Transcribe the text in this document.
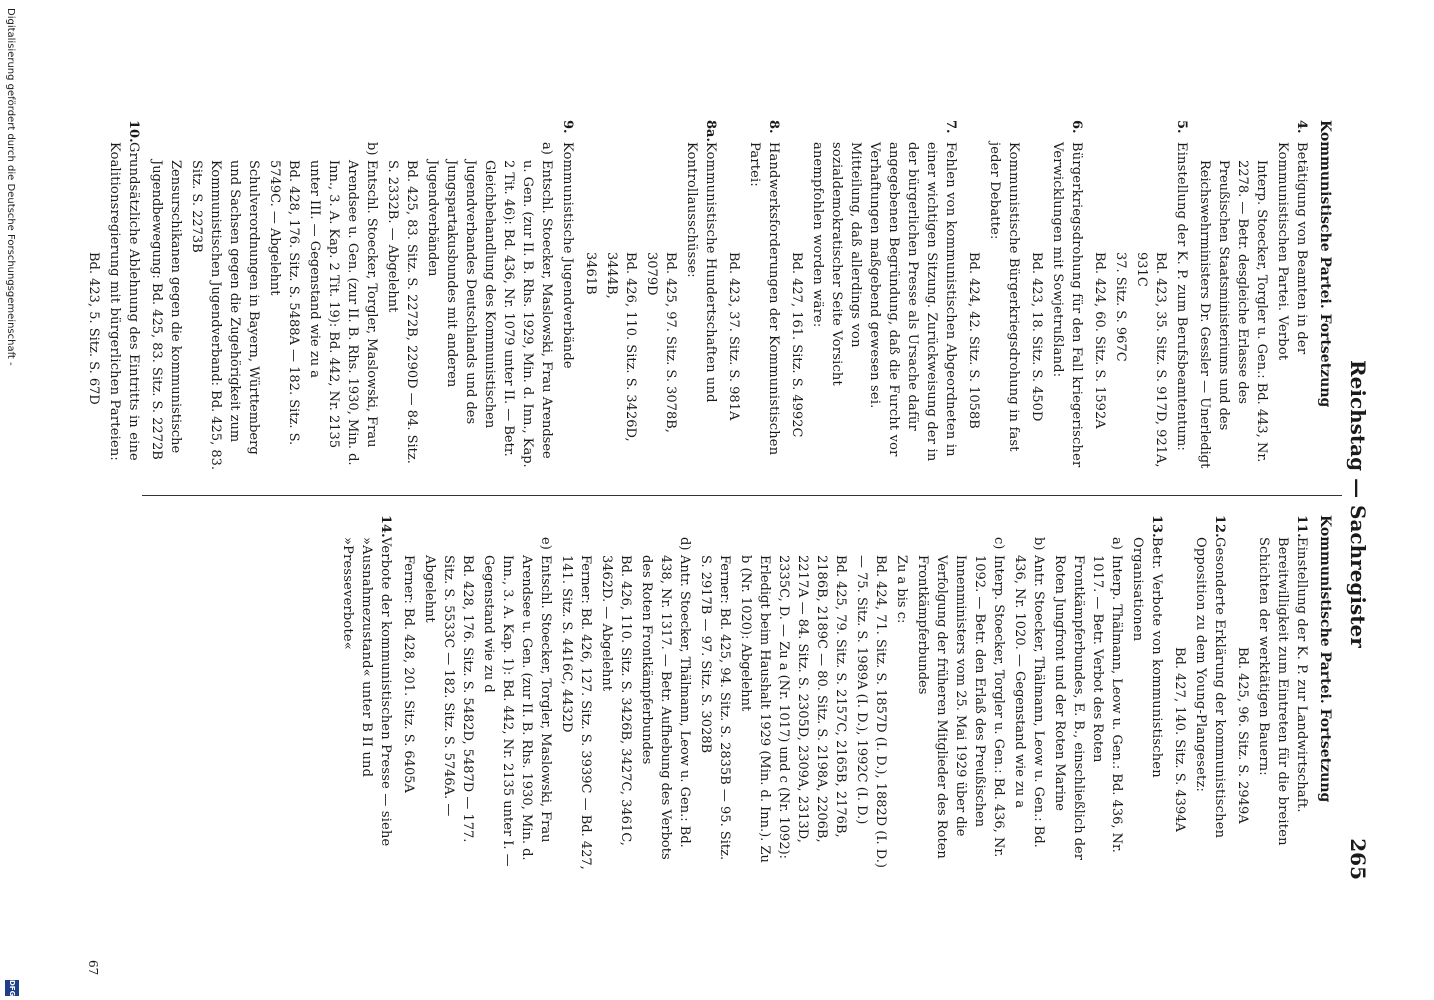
Reichstag — Sachregister
265
Kommunistische Partei. Fortsetzung
4.
Betätigung von Beamten in der Kommunistischen Partei. Verbot
Interp. Stoecker, Torgler u. Gen.: Bd. 443, Nr. 2278. — Betr. desgleiche Erlasse des Preußischen Staatsministeriums und des Reichswehrministers Dr. Gessler — Unerledigt
5.
Einstellung der K. P. zum Berufsbeamtentum:
Bd. 423, 35. Sitz. S. 917D, 921A, 931C
37. Sitz. S. 967C
Bd. 424, 60. Sitz. S. 1592A
6.
Bürgerkriegsdrohung für den Fall kriegerischer Verwicklungen mit Sowjetrußland:
Bd. 423, 18. Sitz. S. 450D
Kommunistische Bürgerkriegsdrohung in fast jeder Debatte:
Bd. 424, 42. Sitz. S. 1058B
7.
Fehlen von kommunistischen Abgeordneten in einer wichtigen Sitzung. Zurückweisung der in der bürgerlichen Presse als Ursache dafür angegebenen Begründung, daß die Furcht vor Verhaftungen maßgebend gewesen sei. Mitteilung, daß allerdings von sozialdemokratischer Seite Vorsicht anempfohlen worden wäre:
Bd. 427, 161. Sitz. S. 4992C
8.
Handwerksforderungen der Kommunistischen Partei:
Bd. 423, 37. Sitz. S. 981A
8a.
Kommunistische Hundertschaften und Kontrollausschüsse:
Bd. 425, 97. Sitz. S. 3078B, 3079D
Bd. 426, 110. Sitz. S. 3426D, 3444B,
3461B
9.
Kommunistische Jugendverbände
a)
Entschl. Stoecker, Maslowski, Frau Arendsee u. Gen. (zur II. B. Rhs. 1929, Min. d. Inn., Kap. 2 Tit. 46): Bd. 436, Nr. 1079 unter II. — Betr. Gleichbehandlung des Kommunistischen Jugendverbandes Deutschlands und des Jungspartakusbundes mit anderen Jugendverbänden
Bd. 425, 83. Sitz. S. 2272B, 2290D — 84. Sitz. S. 2332B. — Abgelehnt
b)
Entschl. Stoecker, Torgler, Maslowski, Frau Arendsee u. Gen. (zur II. B. Rhs. 1930, Min. d. Inn., 3. A. Kap. 2 Tit. 19): Bd. 442, Nr. 2135 unter III. — Gegenstand wie zu a
Bd. 428, 176. Sitz. S. 5488A — 182. Sitz. S. 5749C. — Abgelehnt
Schulverordnungen in Bayern, Württemberg und Sachsen gegen die Zugehörigkeit zum Kommunistischen Jugendverband: Bd. 425, 83. Sitz. S. 2273B
Zensurschikanen gegen die kommunistische Jugendbewegung: Bd. 425, 83. Sitz. S. 2272B
10.
Grundsätzliche Ablehnung des Eintritts in eine Koalitionsregierung mit bürgerlichen Parteien:
Bd. 423, 5. Sitz. S. 67D
Kommunistische Partei. Fortsetzung
11.
Einstellung der K. P. zur Landwirtschaft. Bereitwilligkeit zum Eintreten für die breiten Schichten der werktätigen Bauern:
Bd. 425, 96. Sitz. S. 2949A
12.
Gesonderte Erklärung der kommunistischen Opposition zu dem Young-Plangesetz:
Bd. 427, 140. Sitz. S. 4394A
13.
Betr. Verbote von kommunistischen Organisationen
a)
Interp. Thälmann, Leow u. Gen.: Bd. 436, Nr. 1017. — Betr. Verbot des Roten Frontkämpferbundes, E. B., einschließlich der Roten Jungfront und der Roten Marine
b)
Antr. Stoecker, Thälmann, Leow u. Gen.: Bd. 436, Nr. 1020. — Gegenstand wie zu a
c)
Interp. Stoecker, Torgler u. Gen.: Bd. 436, Nr. 1092. — Betr. den Erlaß des Preußischen Innenministers vom 25. Mai 1929 über die Verfolgung der früheren Mitglieder des Roten Frontkämpferbundes
Zu a bis c:
Bd. 424, 71. Sitz. S. 1857D (I. D.), 1882D (I. D.) — 75. Sitz. S. 1989A (I. D.), 1992C (I. D.)
Bd. 425, 79. Sitz. S. 2157C, 2165B, 2176B, 2186B, 2189C — 80. Sitz. S. 2198A, 2206B, 2217A — 84. Sitz. S. 2305D, 2309A, 2313D, 2335C, D. — Zu a (Nr. 1017) und c (Nr. 1092): Erledigt beim Haushalt 1929 (Min. d. Inn.). Zu b (Nr. 1020): Abgelehnt
Ferner: Bd. 425, 94. Sitz. S. 2835B — 95. Sitz. S. 2917B — 97. Sitz. S. 3028B
d)
Antr. Stoecker, Thälmann, Leow u. Gen.: Bd. 438, Nr. 1317. — Betr. Aufhebung des Verbots des Roten Frontkämpferbundes
Bd. 426, 110. Sitz. S. 3426B, 3427C, 3461C, 3462D. — Abgelehnt
Ferner: Bd. 426, 127. Sitz. S. 3939C — Bd. 427, 141. Sitz. S. 4416C, 4432D
e)
Entschl. Stoecker, Torgler, Maslowski, Frau Arendsee u. Gen. (zur II. B. Rhs. 1930, Min. d. Inn., 3. A. Kap. 1): Bd. 442, Nr. 2135 unter I. — Gegenstand wie zu d
Bd. 428, 176. Sitz. S. 5482D, 5487D — 177. Sitz. S. 5533C — 182. Sitz. S. 5746A. — Abgelehnt
Ferner: Bd. 428, 201. Sitz. S. 6405A
14.
Verbote der kommunistischen Presse — siehe »Ausnahmezustand« unter B II und »Presseverbote«
67
Digitalisierung gefördert durch die Deutsche Forschungsgemeinschaft -
DFG
